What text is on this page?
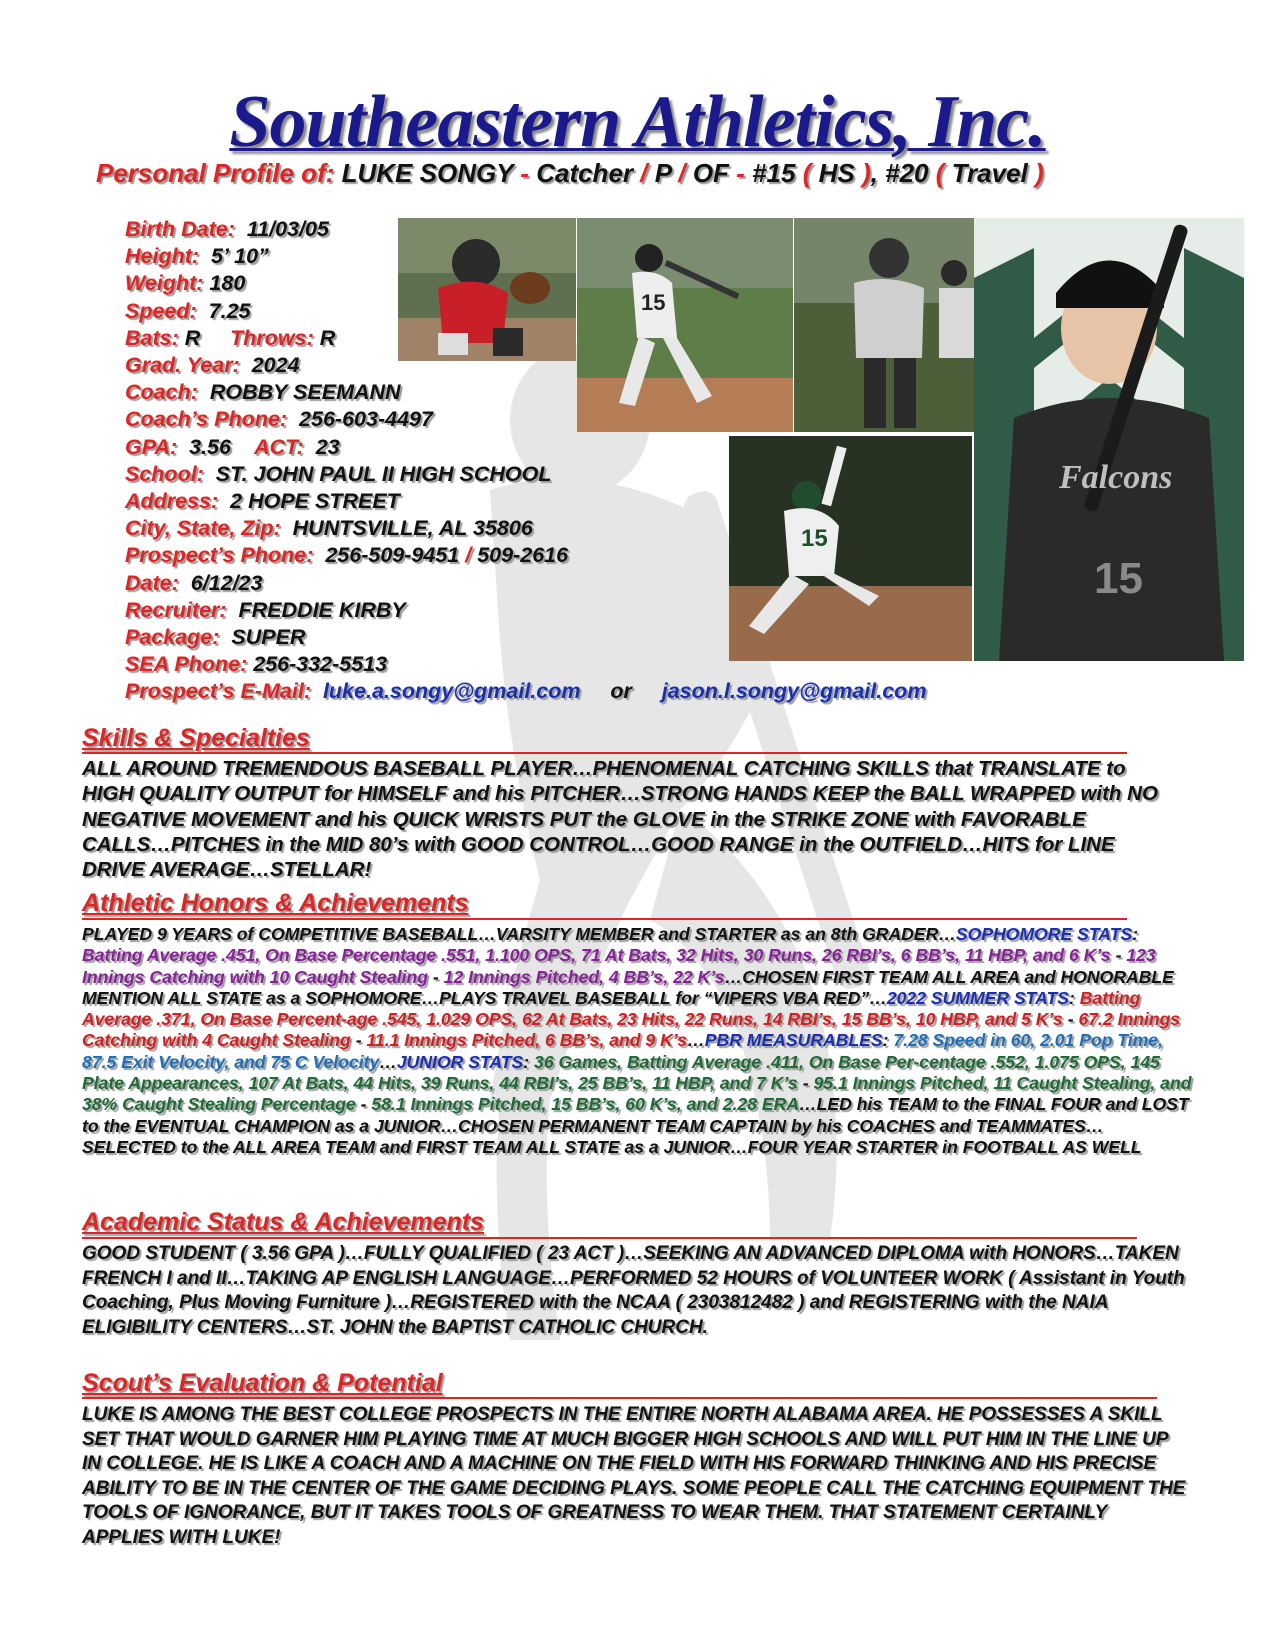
Southeastern Athletics, Inc.
Personal Profile of: LUKE SONGY - Catcher / P / OF - #15 ( HS ), #20 ( Travel )
15
15
Falcons
15
Birth Date: 11/03/05
Height: 5’ 10”
Weight: 180
Speed: 7.25
Bats: R Throws: R
Grad. Year: 2024
Coach: ROBBY SEEMANN
Coach’s Phone: 256-603-4497
GPA: 3.56 ACT: 23
School: ST. JOHN PAUL II HIGH SCHOOL
Address: 2 HOPE STREET
City, State, Zip: HUNTSVILLE, AL 35806
Prospect’s Phone: 256-509-9451 / 509-2616
Date: 6/12/23
Recruiter: FREDDIE KIRBY
Package: SUPER
SEA Phone: 256-332-5513
Prospect’s E-Mail: luke.a.songy@gmail.com or jason.l.songy@gmail.com
Skills & Specialties
ALL AROUND TREMENDOUS BASEBALL PLAYER…PHENOMENAL CATCHING SKILLS that TRANSLATE to HIGH QUALITY OUTPUT for HIMSELF and his PITCHER…STRONG HANDS KEEP the BALL WRAPPED with NO NEGATIVE MOVEMENT and his QUICK WRISTS PUT the GLOVE in the STRIKE ZONE with FAVORABLE CALLS…PITCHES in the MID 80’s with GOOD CONTROL…GOOD RANGE in the OUTFIELD…HITS for LINE DRIVE AVERAGE…STELLAR!
Athletic Honors & Achievements
PLAYED 9 YEARS of COMPETITIVE BASEBALL…VARSITY MEMBER and STARTER as an 8th GRADER…SOPHOMORE STATS: Batting Average .451, On Base Percentage .551, 1.100 OPS, 71 At Bats, 32 Hits, 30 Runs, 26 RBI’s, 6 BB’s, 11 HBP, and 6 K’s - 123 Innings Catching with 10 Caught Stealing - 12 Innings Pitched, 4 BB’s, 22 K’s…CHOSEN FIRST TEAM ALL AREA and HONORABLE MENTION ALL STATE as a SOPHOMORE…PLAYS TRAVEL BASEBALL for “VIPERS VBA RED”…2022 SUMMER STATS: Batting Average .371, On Base Percent-age .545, 1.029 OPS, 62 At Bats, 23 Hits, 22 Runs, 14 RBI’s, 15 BB’s, 10 HBP, and 5 K’s - 67.2 Innings Catching with 4 Caught Stealing - 11.1 Innings Pitched, 6 BB’s, and 9 K’s…PBR MEASURABLES: 7.28 Speed in 60, 2.01 Pop Time, 87.5 Exit Velocity, and 75 C Velocity…JUNIOR STATS: 36 Games, Batting Average .411, On Base Per-centage .552, 1.075 OPS, 145 Plate Appearances, 107 At Bats, 44 Hits, 39 Runs, 44 RBI’s, 25 BB’s, 11 HBP, and 7 K’s - 95.1 Innings Pitched, 11 Caught Stealing, and 38% Caught Stealing Percentage - 58.1 Innings Pitched, 15 BB’s, 60 K’s, and 2.28 ERA…LED his TEAM to the FINAL FOUR and LOST to the EVENTUAL CHAMPION as a JUNIOR…CHOSEN PERMANENT TEAM CAPTAIN by his COACHES and TEAMMATES…SELECTED to the ALL AREA TEAM and FIRST TEAM ALL STATE as a JUNIOR…FOUR YEAR STARTER in FOOTBALL AS WELL
Academic Status & Achievements
GOOD STUDENT ( 3.56 GPA )…FULLY QUALIFIED ( 23 ACT )…SEEKING AN ADVANCED DIPLOMA with HONORS…TAKEN FRENCH I and II…TAKING AP ENGLISH LANGUAGE…PERFORMED 52 HOURS of VOLUNTEER WORK ( Assistant in Youth Coaching, Plus Moving Furniture )…REGISTERED with the NCAA ( 2303812482 ) and REGISTERING with the NAIA ELIGIBILITY CENTERS…ST. JOHN the BAPTIST CATHOLIC CHURCH.
Scout’s Evaluation & Potential
LUKE IS AMONG THE BEST COLLEGE PROSPECTS IN THE ENTIRE NORTH ALABAMA AREA. HE POSSESSES A SKILL SET THAT WOULD GARNER HIM PLAYING TIME AT MUCH BIGGER HIGH SCHOOLS AND WILL PUT HIM IN THE LINE UP IN COLLEGE. HE IS LIKE A COACH AND A MACHINE ON THE FIELD WITH HIS FORWARD THINKING AND HIS PRECISE ABILITY TO BE IN THE CENTER OF THE GAME DECIDING PLAYS. SOME PEOPLE CALL THE CATCHING EQUIPMENT THE TOOLS OF IGNORANCE, BUT IT TAKES TOOLS OF GREATNESS TO WEAR THEM. THAT STATEMENT CERTAINLY APPLIES WITH LUKE!
